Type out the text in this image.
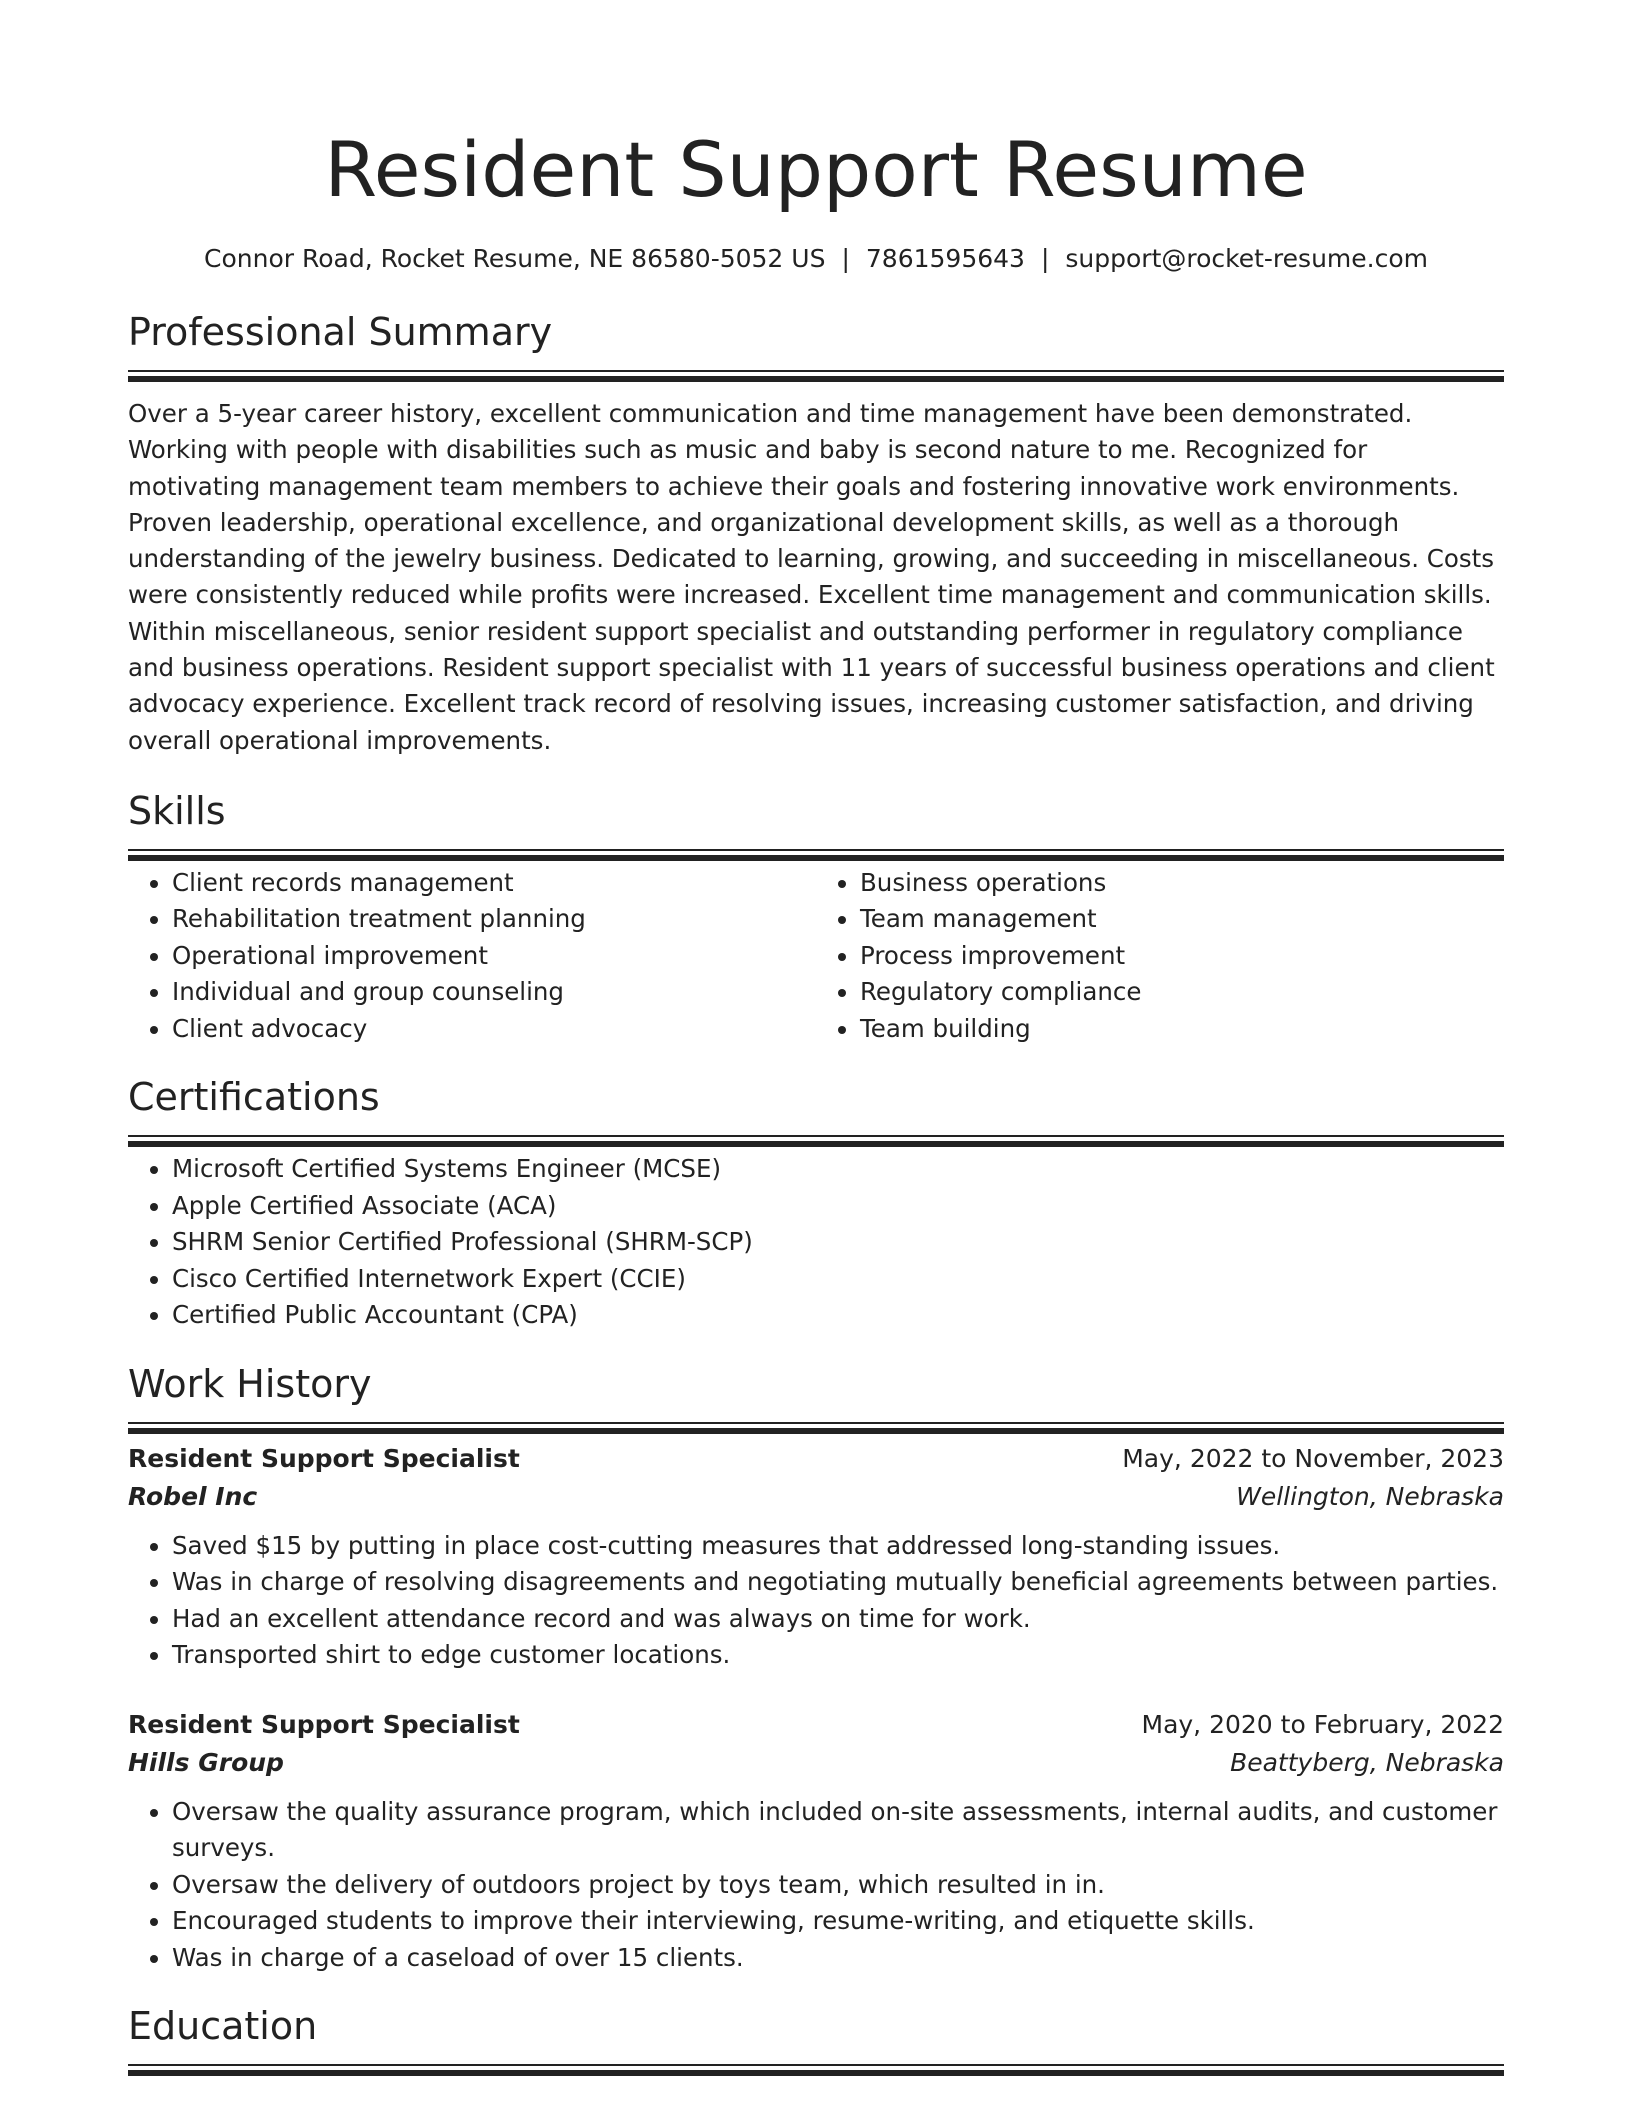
Resident Support Resume
Connor Road, Rocket Resume, NE 86580-5052 US | 7861595643 | support@rocket-resume.com
Professional Summary
Over a 5-year career history, excellent communication and time management have been demonstrated. Working with people with disabilities such as music and baby is second nature to me. Recognized for motivating management team members to achieve their goals and fostering innovative work environments. Proven leadership, operational excellence, and organizational development skills, as well as a thorough understanding of the jewelry business. Dedicated to learning, growing, and succeeding in miscellaneous. Costs were consistently reduced while profits were increased. Excellent time management and communication skills. Within miscellaneous, senior resident support specialist and outstanding performer in regulatory compliance and business operations. Resident support specialist with 11 years of successful business operations and client advocacy experience. Excellent track record of resolving issues, increasing customer satisfaction, and driving overall operational improvements.
Skills
• Client records management
• Rehabilitation treatment planning
• Operational improvement
• Individual and group counseling
• Client advocacy
• Business operations
• Team management
• Process improvement
• Regulatory compliance
• Team building
Certifications
• Microsoft Certified Systems Engineer (MCSE)
• Apple Certified Associate (ACA)
• SHRM Senior Certified Professional (SHRM-SCP)
• Cisco Certified Internetwork Expert (CCIE)
• Certified Public Accountant (CPA)
Work History
Resident Support Specialist	May, 2022 to November, 2023
Robel Inc	Wellington, Nebraska
• Saved $15 by putting in place cost-cutting measures that addressed long-standing issues.
• Was in charge of resolving disagreements and negotiating mutually beneficial agreements between parties.
• Had an excellent attendance record and was always on time for work.
• Transported shirt to edge customer locations.
Resident Support Specialist	May, 2020 to February, 2022
Hills Group	Beattyberg, Nebraska
• Oversaw the quality assurance program, which included on-site assessments, internal audits, and customer surveys.
• Oversaw the delivery of outdoors project by toys team, which resulted in in.
• Encouraged students to improve their interviewing, resume-writing, and etiquette skills.
• Was in charge of a caseload of over 15 clients.
Education
